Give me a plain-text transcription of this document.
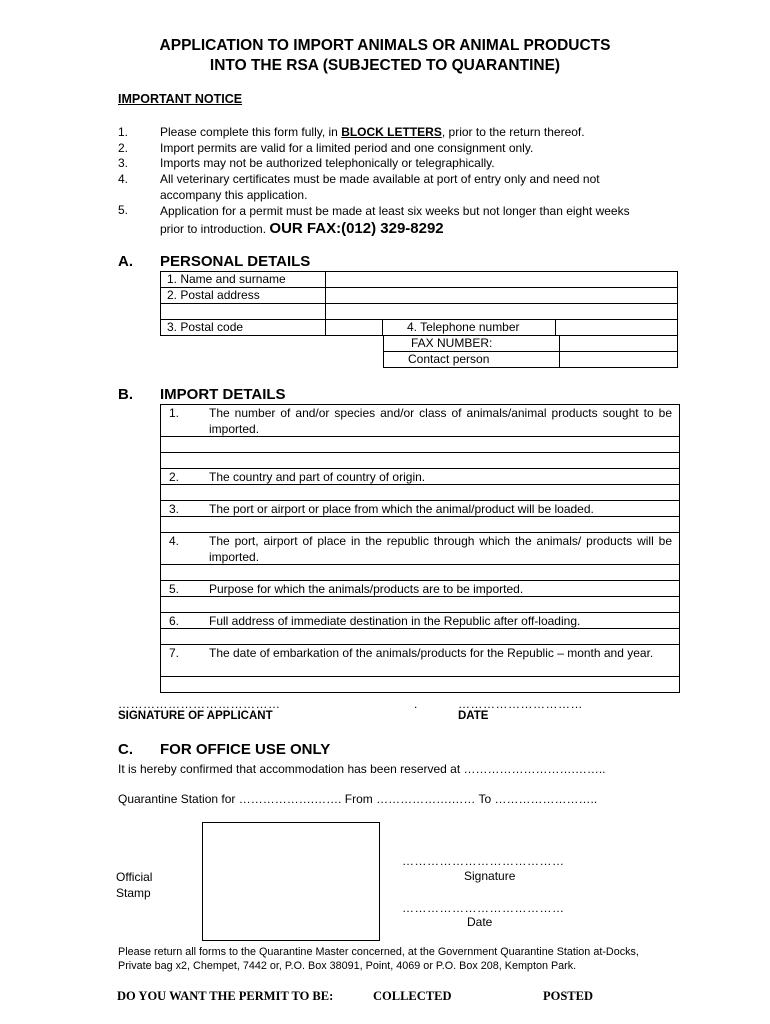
APPLICATION TO IMPORT ANIMALS OR ANIMAL PRODUCTS
INTO THE RSA (SUBJECTED TO QUARANTINE)
IMPORTANT NOTICE
1.	Please complete this form fully, in BLOCK LETTERS, prior to the return thereof.
2.	Import permits are valid for a limited period and one consignment only.
3.	Imports may not be authorized telephonically or telegraphically.
4.	All veterinary certificates must be made available at port of entry only and need not accompany this application.
5.	Application for a permit must be made at least six weeks but not longer than eight weeks prior to introduction. OUR FAX:(012) 329-8292
A. PERSONAL DETAILS
1. Name and surname	
2. Postal address	

3. Postal code		4. Telephone number	
FAX NUMBER:	
Contact person	
B. IMPORT DETAILS
1. The number of and/or species and/or class of animals/animal products sought to be imported.
2. The country and part of country of origin.
3. The port or airport or place from which the animal/product will be loaded.
4. The port, airport of place in the republic through which the animals/ products will be imported.
5. Purpose for which the animals/products are to be imported.
6. Full address of immediate destination in the Republic after off-loading.
7. The date of embarkation of the animals/products for the Republic – month and year.
…………………………………	.	…………………………
SIGNATURE OF APPLICANT	DATE
C. FOR OFFICE USE ONLY
It is hereby confirmed that accommodation has been reserved at ……………………….……..
Quarantine Station for ……………….……. From ……………….…… To ……………………..
Official
Stamp
…………………………………
Signature
…………………………………
Date
Please return all forms to the Quarantine Master concerned, at the Government Quarantine Station at-Docks, Private bag x2, Chempet, 7442 or, P.O. Box 38091, Point, 4069 or P.O. Box 208, Kempton Park.
DO YOU WANT THE PERMIT TO BE:	COLLECTED	POSTED
